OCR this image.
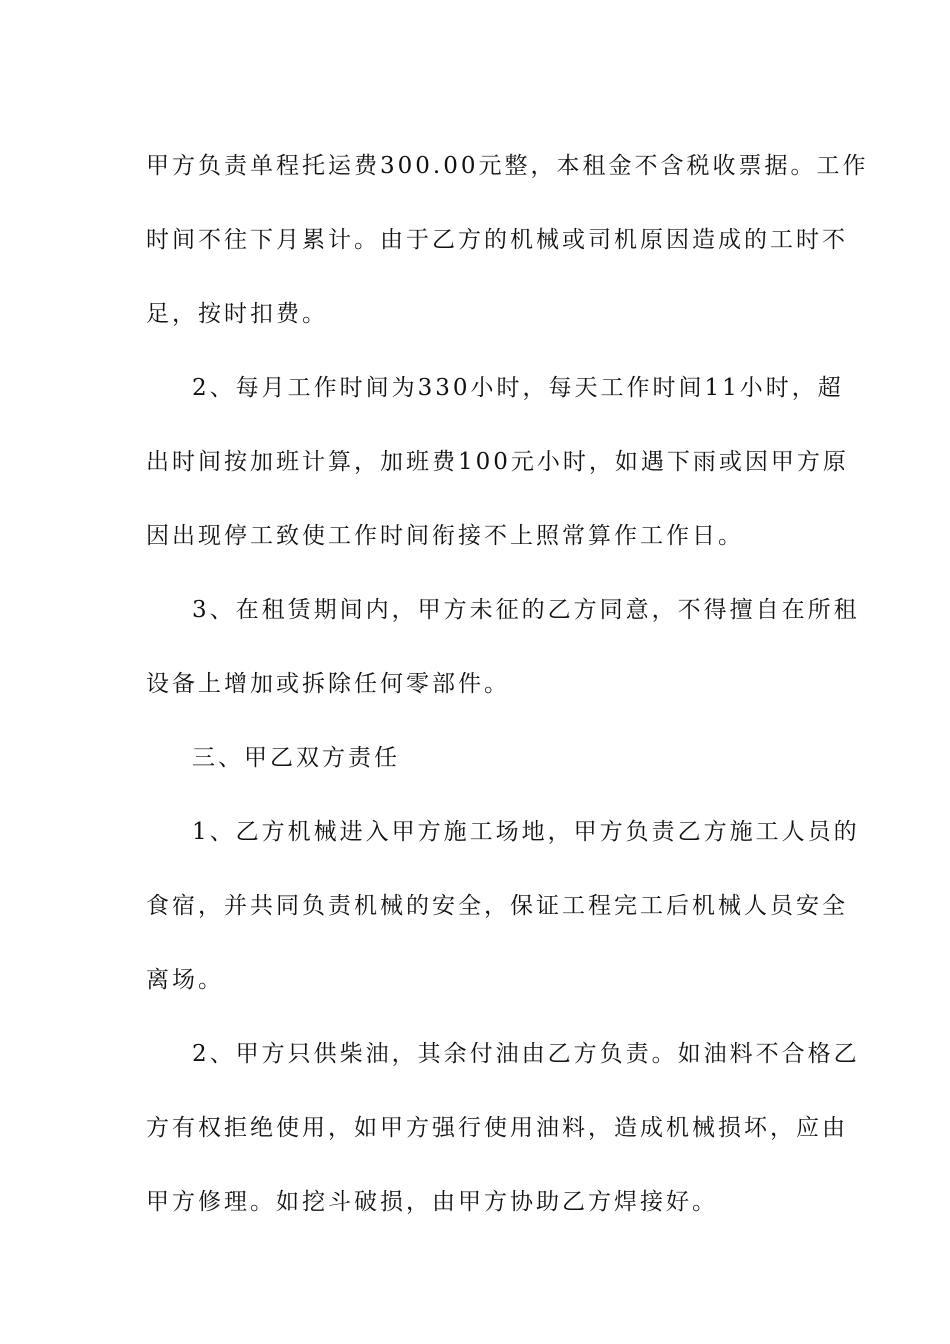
甲方负责单程托运费300.00元整，本租金不含税收票据。工作
时间不往下月累计。由于乙方的机械或司机原因造成的工时不
足，按时扣费。
2、每月工作时间为330小时，每天工作时间11小时，超
出时间按加班计算，加班费100元小时，如遇下雨或因甲方原
因出现停工致使工作时间衔接不上照常算作工作日。
3、在租赁期间内，甲方未征的乙方同意，不得擅自在所租
设备上增加或拆除任何零部件。
三、甲乙双方责任
1、乙方机械进入甲方施工场地，甲方负责乙方施工人员的
食宿，并共同负责机械的安全，保证工程完工后机械人员安全
离场。
2、甲方只供柴油，其余付油由乙方负责。如油料不合格乙
方有权拒绝使用，如甲方强行使用油料，造成机械损坏，应由
甲方修理。如挖斗破损，由甲方协助乙方焊接好。
